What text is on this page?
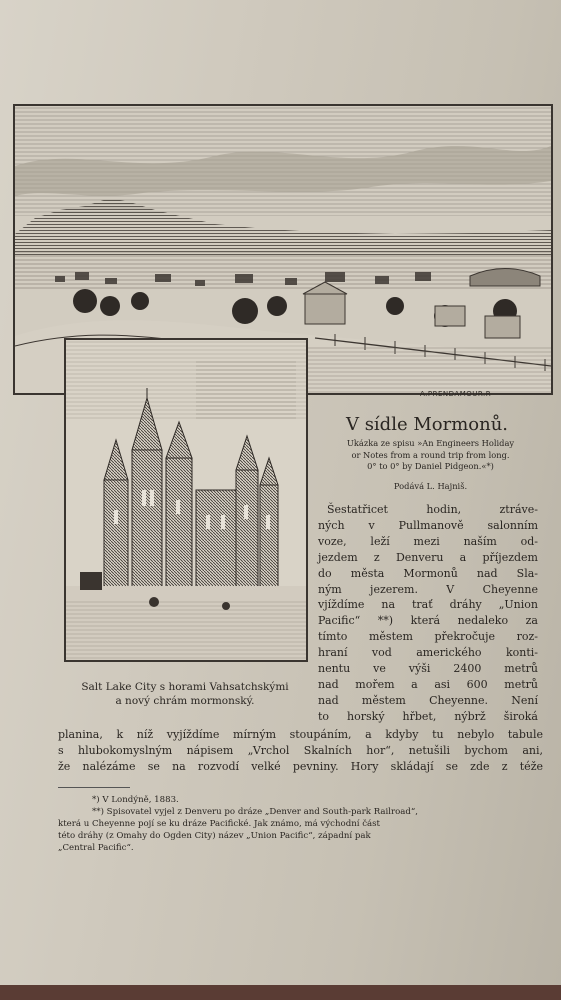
A.PRENDAMOUR.R
Salt Lake City s horami Vahsatchskými
a nový chrám mormonský.
V sídle Mormonů.
Ukázka ze spisu »An Engineers Holiday
or Notes from a round trip from long.
0° to 0° by Daniel Pidgeon.«*)
Podává L. Hajniš.
Šestatřicet hodin, ztráve-
ných v Pullmanově salonním
voze, leží mezi naším od-
jezdem z Denveru a příjezdem
do města Mormonů nad Sla-
ným jezerem. V Cheyenne
vjíždíme na trať dráhy „Union
Pacific“ **) která nedaleko za
tímto městem překročuje roz-
hraní vod amerického konti-
nentu ve výši 2400 metrů
nad mořem a asi 600 metrů
nad městem Cheyenne. Není
to horský hřbet, nýbrž široká
planina, k níž vyjíždíme mírným stoupáním, a kdyby tu nebylo tabule
s hlubokomyslným nápisem „Vrchol Skalních hor“, netušili bychom ani,
že nalézáme se na rozvodí velké pevniny. Hory skládají se zde z téže
*) V Londýně, 1883.
**) Spisovatel vyjel z Denveru po dráze „Denver and South-park Railroad“,
která u Cheyenne pojí se ku dráze Pacifické. Jak známo, má východní část
této dráhy (z Omahy do Ogden City) název „Union Pacific“, západní pak
„Central Pacific“.
